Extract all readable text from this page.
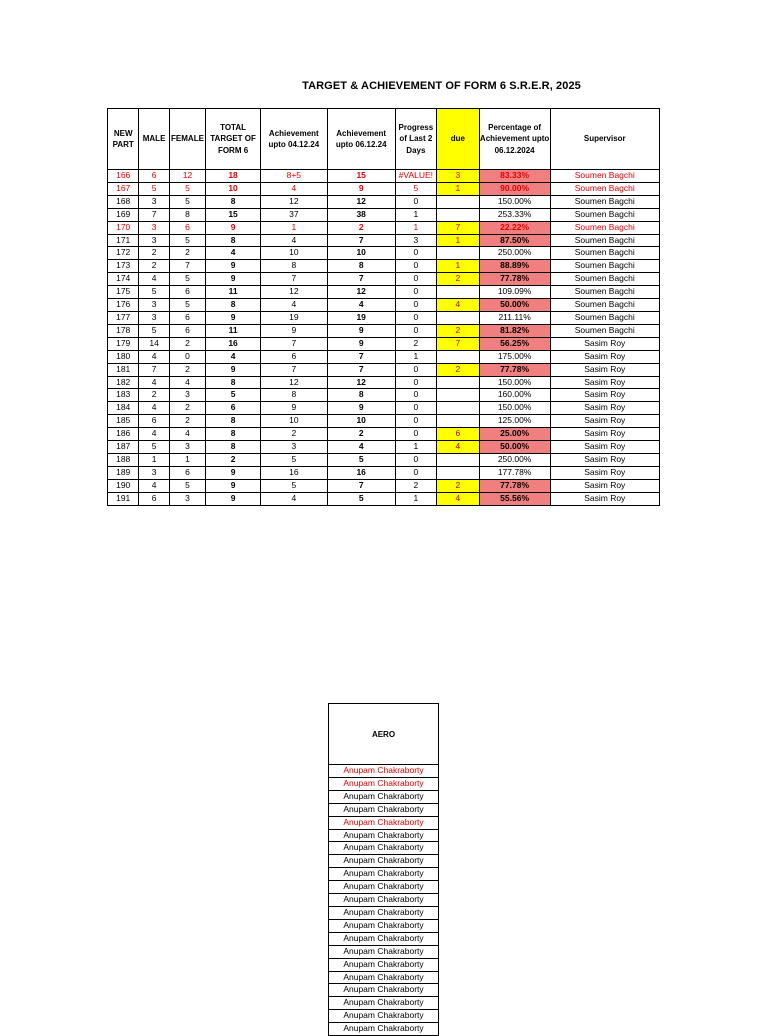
TARGET & ACHIEVEMENT OF FORM 6 S.R.E.R, 2025
NEW PART	MALE	FEMALE	TOTAL TARGET OF FORM 6	Achievement upto 04.12.24	Achievement upto 06.12.24	Progress of Last 2 Days	due	Percentage of Achievement upto 06.12.2024	Supervisor
166	6	12	18	8+5	15	#VALUE!	3	83.33%	Soumen Bagchi
167	5	5	10	4	9	5	1	90.00%	Soumen Bagchi
168	3	5	8	12	12	0		150.00%	Soumen Bagchi
169	7	8	15	37	38	1		253.33%	Soumen Bagchi
170	3	6	9	1	2	1	7	22.22%	Soumen Bagchi
171	3	5	8	4	7	3	1	87.50%	Soumen Bagchi
172	2	2	4	10	10	0		250.00%	Soumen Bagchi
173	2	7	9	8	8	0	1	88.89%	Soumen Bagchi
174	4	5	9	7	7	0	2	77.78%	Soumen Bagchi
175	5	6	11	12	12	0		109.09%	Soumen Bagchi
176	3	5	8	4	4	0	4	50.00%	Soumen Bagchi
177	3	6	9	19	19	0		211.11%	Soumen Bagchi
178	5	6	11	9	9	0	2	81.82%	Soumen Bagchi
179	14	2	16	7	9	2	7	56.25%	Sasim Roy
180	4	0	4	6	7	1		175.00%	Sasim Roy
181	7	2	9	7	7	0	2	77.78%	Sasim Roy
182	4	4	8	12	12	0		150.00%	Sasim Roy
183	2	3	5	8	8	0		160.00%	Sasim Roy
184	4	2	6	9	9	0		150.00%	Sasim Roy
185	6	2	8	10	10	0		125.00%	Sasim Roy
186	4	4	8	2	2	0	6	25.00%	Sasim Roy
187	5	3	8	3	4	1	4	50.00%	Sasim Roy
188	1	1	2	5	5	0		250.00%	Sasim Roy
189	3	6	9	16	16	0		177.78%	Sasim Roy
190	4	5	9	5	7	2	2	77.78%	Sasim Roy
191	6	3	9	4	5	1	4	55.56%	Sasim Roy
AERO
Anupam Chakraborty
Anupam Chakraborty
Anupam Chakraborty
Anupam Chakraborty
Anupam Chakraborty
Anupam Chakraborty
Anupam Chakraborty
Anupam Chakraborty
Anupam Chakraborty
Anupam Chakraborty
Anupam Chakraborty
Anupam Chakraborty
Anupam Chakraborty
Anupam Chakraborty
Anupam Chakraborty
Anupam Chakraborty
Anupam Chakraborty
Anupam Chakraborty
Anupam Chakraborty
Anupam Chakraborty
Anupam Chakraborty
